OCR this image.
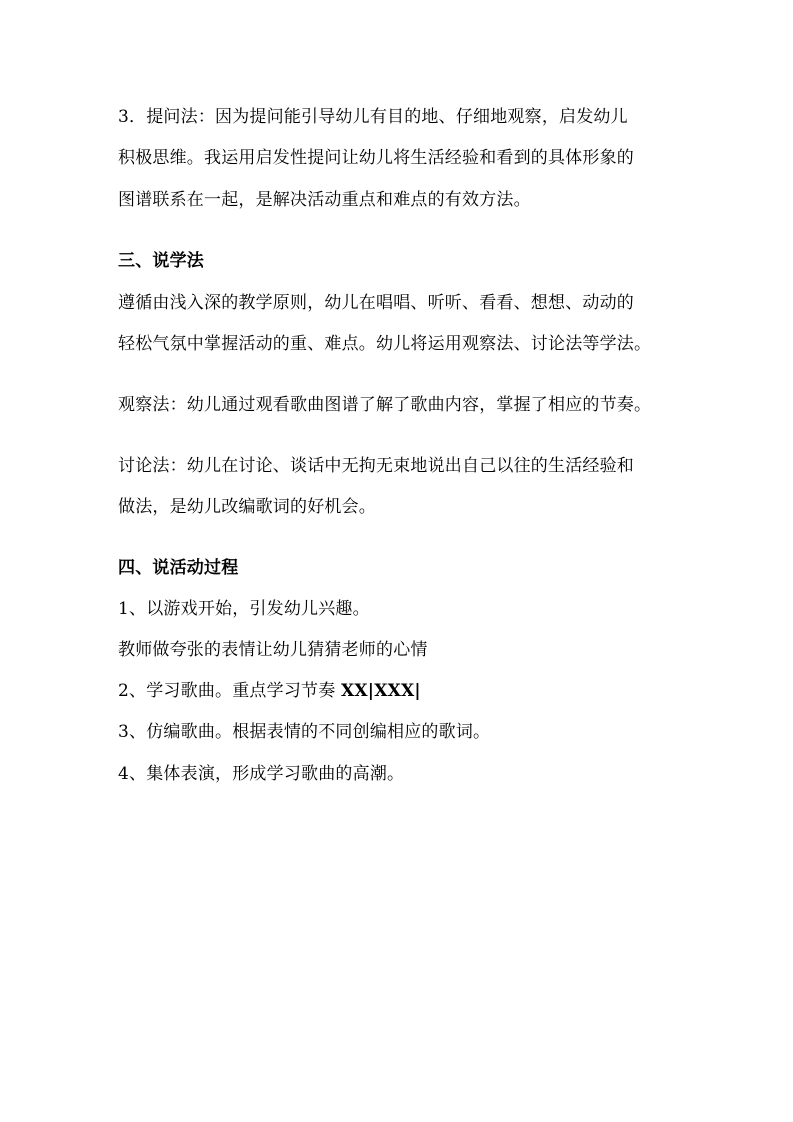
3．提问法：因为提问能引导幼儿有目的地、仔细地观察，启发幼儿
积极思维。我运用启发性提问让幼儿将生活经验和看到的具体形象的
图谱联系在一起，是解决活动重点和难点的有效方法。
三、说学法
遵循由浅入深的教学原则，幼儿在唱唱、听听、看看、想想、动动的
轻松气氛中掌握活动的重、难点。幼儿将运用观察法、讨论法等学法。
观察法：幼儿通过观看歌曲图谱了解了歌曲内容，掌握了相应的节奏。
讨论法：幼儿在讨论、谈话中无拘无束地说出自己以往的生活经验和
做法，是幼儿改编歌词的好机会。
四、说活动过程
1、以游戏开始，引发幼儿兴趣。
教师做夸张的表情让幼儿猜猜老师的心情
2、学习歌曲。重点学习节奏 XX|XXX|
3、仿编歌曲。根据表情的不同创编相应的歌词。
4、集体表演，形成学习歌曲的高潮。
